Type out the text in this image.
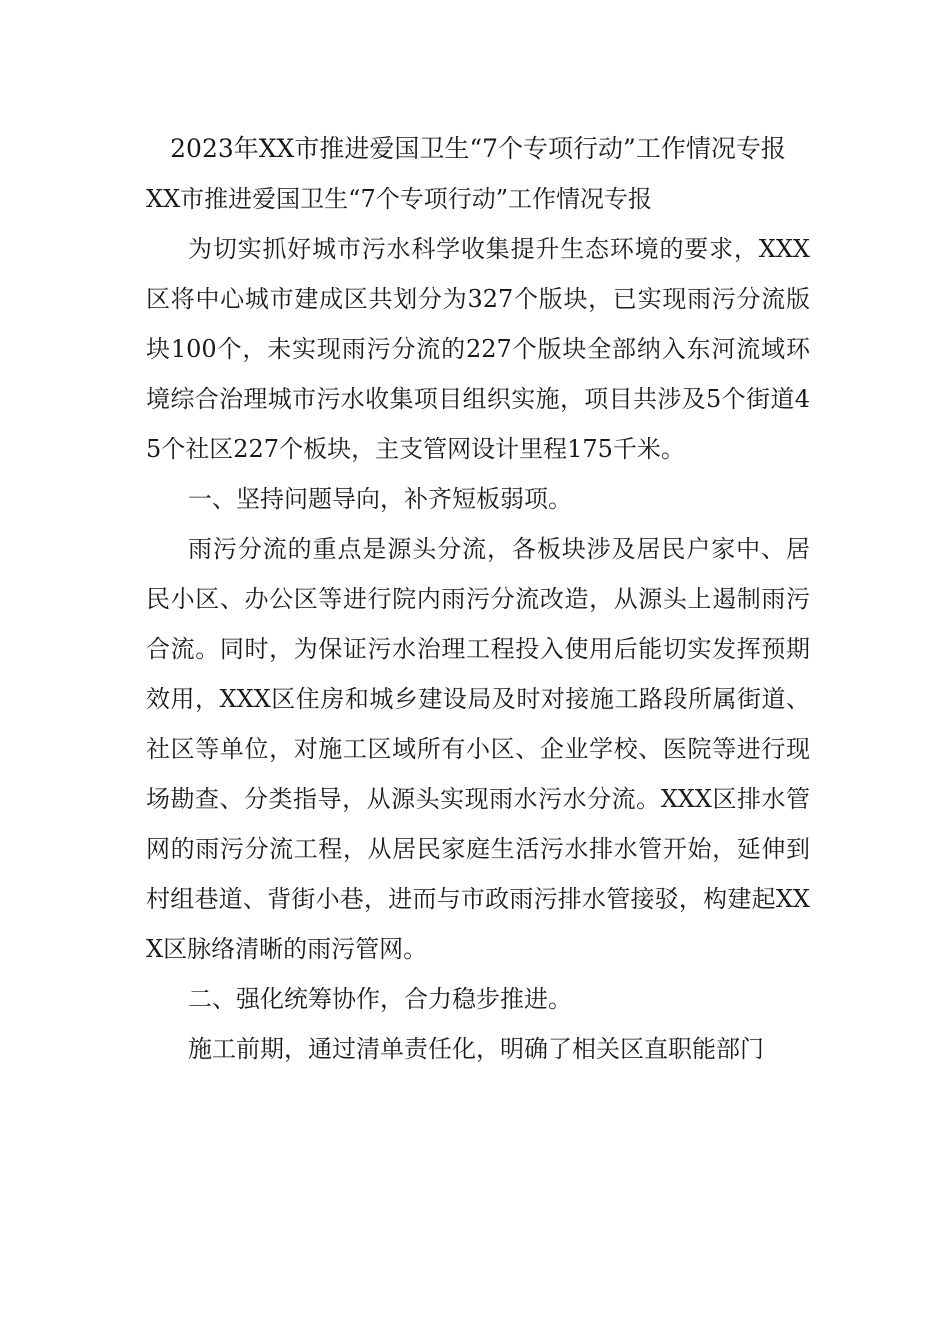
2023年XX市推进爱国卫生“7个专项行动”工作情况专报

XX市推进爱国卫生“7个专项行动”工作情况专报

为切实抓好城市污水科学收集提升生态环境的要求，XXX区将中心城市建成区共划分为327个版块，已实现雨污分流版块100个，未实现雨污分流的227个版块全部纳入东河流域环境综合治理城市污水收集项目组织实施，项目共涉及5个街道45个社区227个板块，主支管网设计里程175千米。

一、坚持问题导向，补齐短板弱项。

雨污分流的重点是源头分流，各板块涉及居民户家中、居民小区、办公区等进行院内雨污分流改造，从源头上遏制雨污合流。同时，为保证污水治理工程投入使用后能切实发挥预期效用，XXX区住房和城乡建设局及时对接施工路段所属街道、社区等单位，对施工区域所有小区、企业学校、医院等进行现场勘查、分类指导，从源头实现雨水污水分流。XXX区排水管网的雨污分流工程，从居民家庭生活污水排水管开始，延伸到村组巷道、背街小巷，进而与市政雨污排水管接驳，构建起XXX区脉络清晰的雨污管网。

二、强化统筹协作，合力稳步推进。

施工前期，通过清单责任化，明确了相关区直职能部门
